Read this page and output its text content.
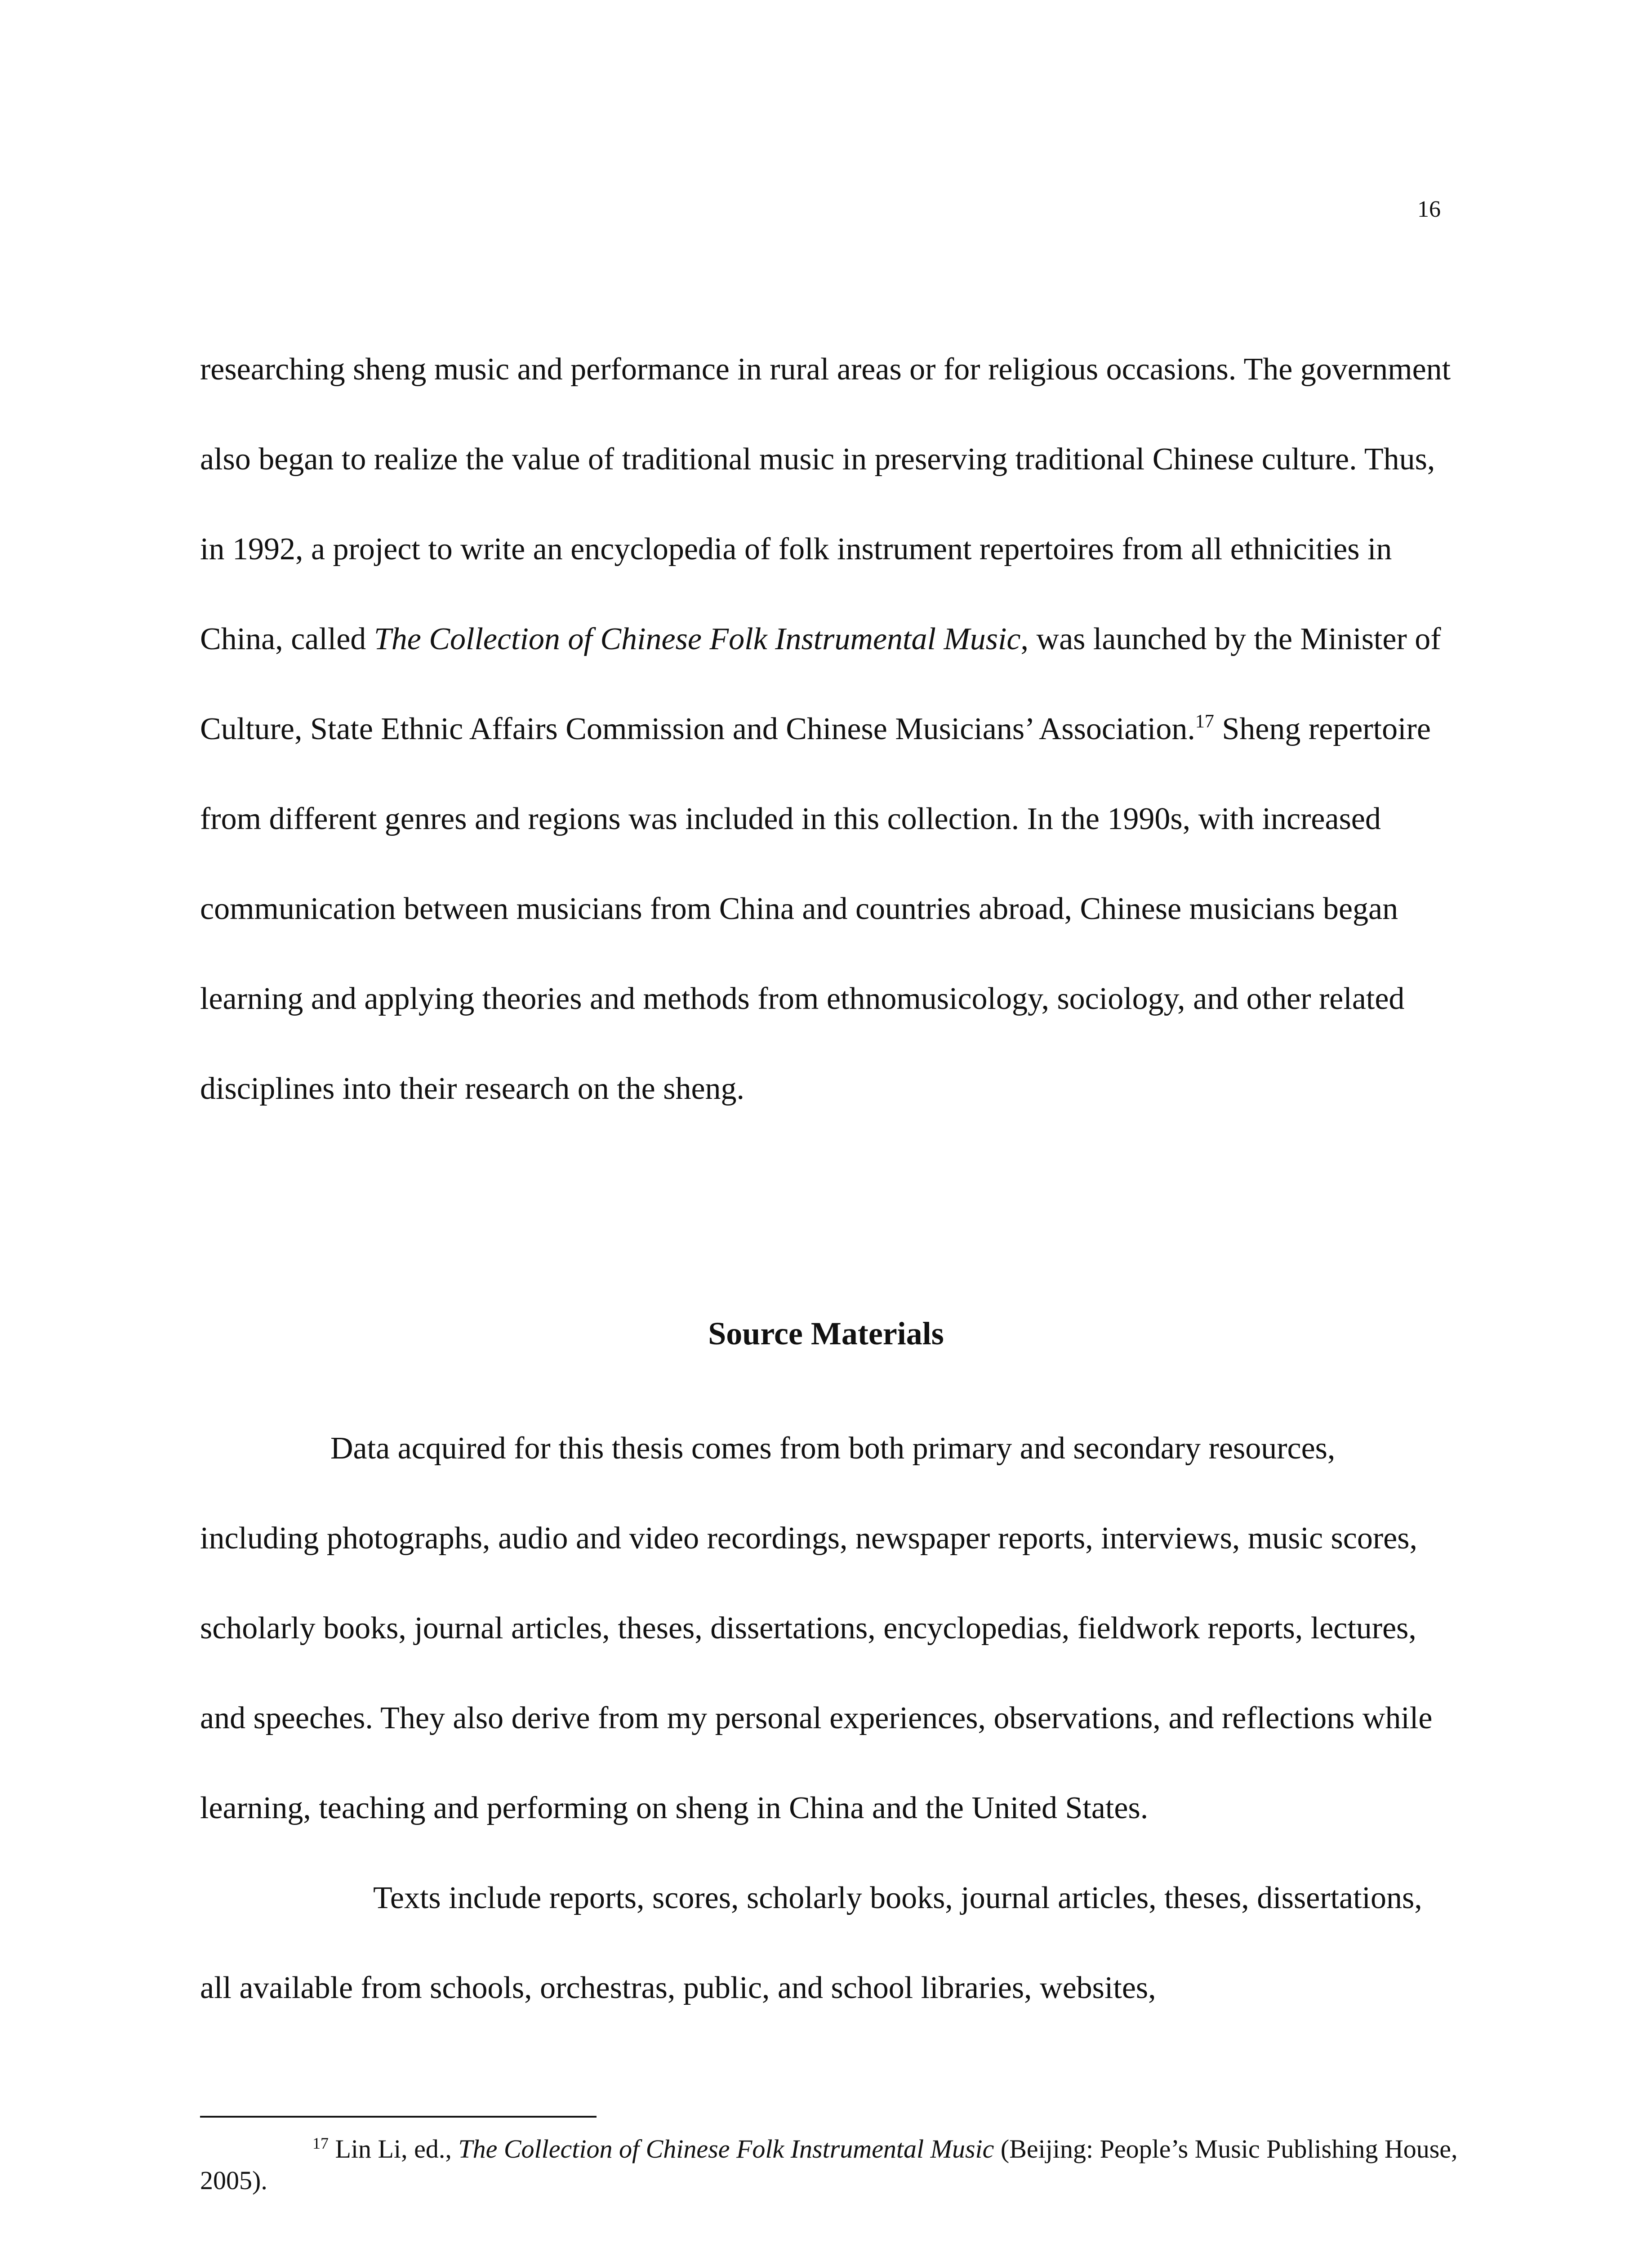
16

researching sheng music and performance in rural areas or for religious occasions. The government also began to realize the value of traditional music in preserving traditional Chinese culture. Thus, in 1992, a project to write an encyclopedia of folk instrument repertoires from all ethnicities in China, called The Collection of Chinese Folk Instrumental Music, was launched by the Minister of Culture, State Ethnic Affairs Commission and Chinese Musicians’ Association.$^{17}$ Sheng repertoire from different genres and regions was included in this collection. In the 1990s, with increased communication between musicians from China and countries abroad, Chinese musicians began learning and applying theories and methods from ethnomusicology, sociology, and other related disciplines into their research on the sheng.

Source Materials

Data acquired for this thesis comes from both primary and secondary resources, including photographs, audio and video recordings, newspaper reports, interviews, music scores, scholarly books, journal articles, theses, dissertations, encyclopedias, fieldwork reports, lectures, and speeches. They also derive from my personal experiences, observations, and reflections while learning, teaching and performing on sheng in China and the United States.

Texts include reports, scores, scholarly books, journal articles, theses, dissertations, all available from schools, orchestras, public, and school libraries, websites,

$^{17}$ Lin Li, ed., The Collection of Chinese Folk Instrumental Music (Beijing: People’s Music Publishing House, 2005).
